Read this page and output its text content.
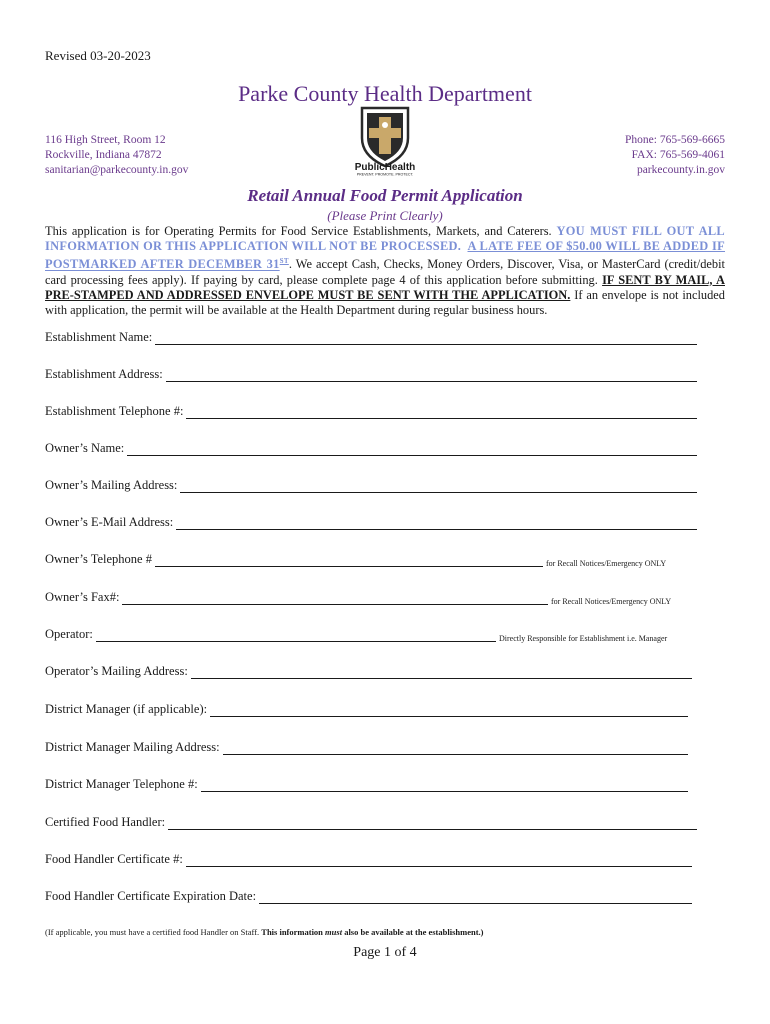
Revised 03-20-2023
Parke County Health Department
116 High Street, Room 12
Rockville, Indiana 47872
sanitarian@parkecounty.in.gov
Phone: 765-569-6665
FAX: 765-569-4061
parkecounty.in.gov
PublicHealth
PREVENT. PROMOTE. PROTECT.
Retail Annual Food Permit Application
(Please Print Clearly)
This application is for Operating Permits for Food Service Establishments, Markets, and Caterers. YOU MUST FILL OUT ALL INFORMATION OR THIS APPLICATION WILL NOT BE PROCESSED. A LATE FEE OF $50.00 WILL BE ADDED IF POSTMARKED AFTER DECEMBER 31ST. We accept Cash, Checks, Money Orders, Discover, Visa, or MasterCard (credit/debit card processing fees apply). If paying by card, please complete page 4 of this application before submitting. IF SENT BY MAIL, A PRE-STAMPED AND ADDRESSED ENVELOPE MUST BE SENT WITH THE APPLICATION. If an envelope is not included with application, the permit will be available at the Health Department during regular business hours.
Establishment Name:
Establishment Address:
Establishment Telephone #:
Owner’s Name:
Owner’s Mailing Address:
Owner’s E-Mail Address:
Owner’s Telephone #	for Recall Notices/Emergency ONLY
Owner’s Fax#:	for Recall Notices/Emergency ONLY
Operator:	Directly Responsible for Establishment i.e. Manager
Operator’s Mailing Address:
District Manager (if applicable):
District Manager Mailing Address:
District Manager Telephone #:
Certified Food Handler:
Food Handler Certificate #:
Food Handler Certificate Expiration Date:
(If applicable, you must have a certified food Handler on Staff. This information must also be available at the establishment.)
Page 1 of 4
